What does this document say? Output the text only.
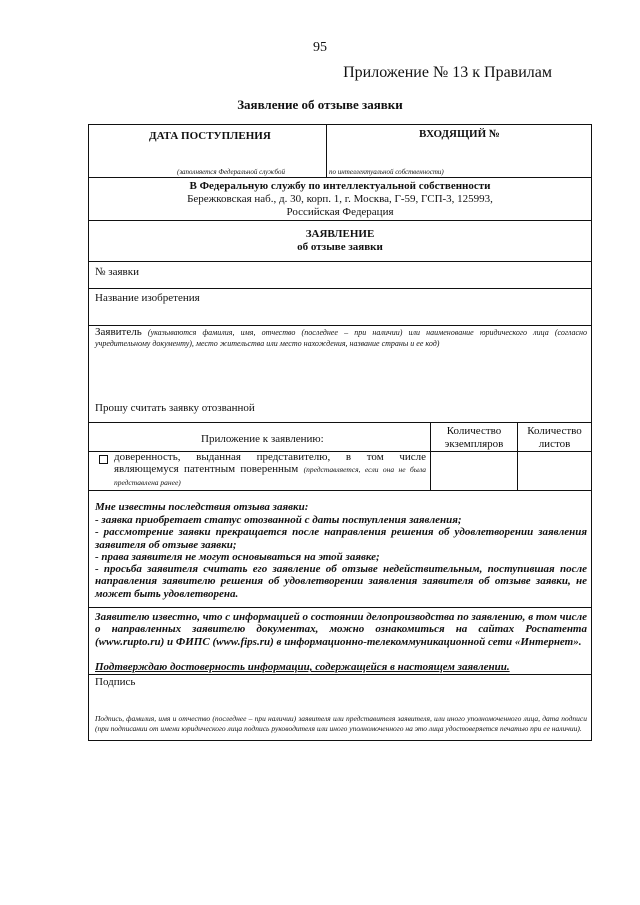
95
Приложение № 13 к Правилам
Заявление об отзыве заявки
ДАТА ПОСТУПЛЕНИЯ	ВХОДЯЩИЙ №
(заполняется Федеральной службой	по интеллектуальной собственности)
В Федеральную службу по интеллектуальной собственности
Бережковская наб., д. 30, корп. 1, г. Москва, Г-59, ГСП-3, 125993,
Российская Федерация
ЗАЯВЛЕНИЕ
об отзыве заявки
№ заявки
Название изобретения
Заявитель (указываются фамилия, имя, отчество (последнее – при наличии) или наименование юридического лица (согласно учредительному документу), место жительства или место нахождения, название страны и ее код)
Прошу считать заявку отозванной
Приложение к заявлению:
Количество экземпляров
Количество листов
доверенность, выданная представителю, в том числе являющемуся патентным поверенным (представляется, если она не была представлена ранее)
Мне известны последствия отзыва заявки:
- заявка приобретает статус отозванной с даты поступления заявления;
- рассмотрение заявки прекращается после направления решения об удовлетворении заявления заявителя об отзыве заявки;
- права заявителя не могут основываться на этой заявке;
- просьба заявителя считать его заявление об отзыве недействительным, поступившая после направления заявителю решения об удовлетворении заявления заявителя об отзыве заявки, не может быть удовлетворена.
Заявителю известно, что с информацией о состоянии делопроизводства по заявлению, в том числе о направленных заявителю документах, можно ознакомиться на сайтах Роспатента (www.rupto.ru) и ФИПС (www.fips.ru) в информационно-телекоммуникационной сети «Интернет».
Подтверждаю достоверность информации, содержащейся в настоящем заявлении.
Подпись
Подпись, фамилия, имя и отчество (последнее – при наличии) заявителя или представителя заявителя, или иного уполномоченного лица, дата подписи (при подписании от имени юридического лица подпись руководителя или иного уполномоченного на это лица удостоверяется печатью при ее наличии).
